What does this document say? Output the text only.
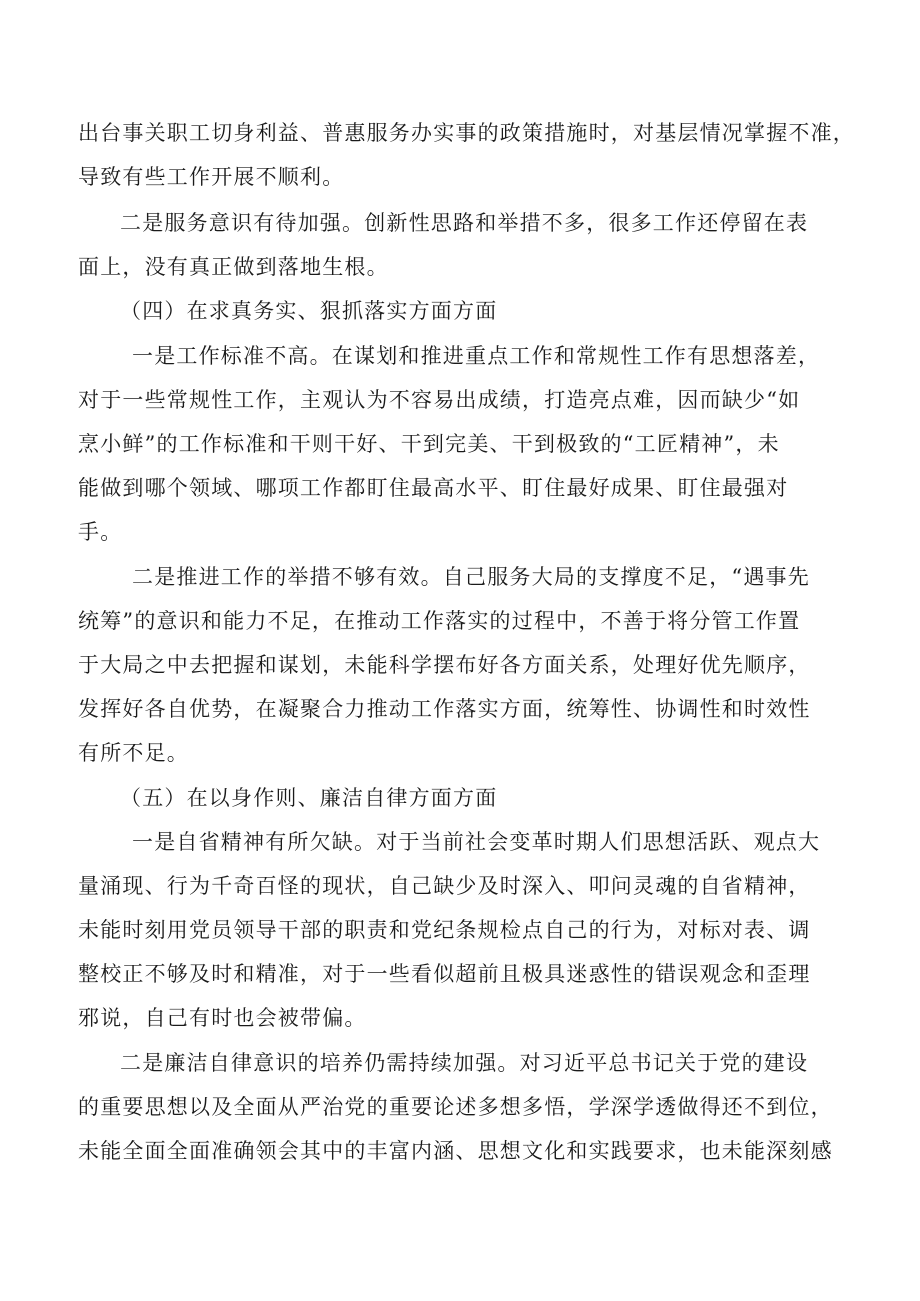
出台事关职工切身利益、普惠服务办实事的政策措施时，对基层情况掌握不准，
导致有些工作开展不顺利。
二是服务意识有待加强。创新性思路和举措不多，很多工作还停留在表
面上，没有真正做到落地生根。
（四）在求真务实、狠抓落实方面方面
一是工作标准不高。在谋划和推进重点工作和常规性工作有思想落差，
对于一些常规性工作，主观认为不容易出成绩，打造亮点难，因而缺少“如
烹小鲜”的工作标准和干则干好、干到完美、干到极致的“工匠精神”，未
能做到哪个领域、哪项工作都盯住最高水平、盯住最好成果、盯住最强对
手。
二是推进工作的举措不够有效。自己服务大局的支撑度不足，“遇事先
统筹”的意识和能力不足，在推动工作落实的过程中，不善于将分管工作置
于大局之中去把握和谋划，未能科学摆布好各方面关系，处理好优先顺序，
发挥好各自优势，在凝聚合力推动工作落实方面，统筹性、协调性和时效性
有所不足。
（五）在以身作则、廉洁自律方面方面
一是自省精神有所欠缺。对于当前社会变革时期人们思想活跃、观点大
量涌现、行为千奇百怪的现状，自己缺少及时深入、叩问灵魂的自省精神，
未能时刻用党员领导干部的职责和党纪条规检点自己的行为，对标对表、调
整校正不够及时和精准，对于一些看似超前且极具迷惑性的错误观念和歪理
邪说，自己有时也会被带偏。
二是廉洁自律意识的培养仍需持续加强。对习近平总书记关于党的建设
的重要思想以及全面从严治党的重要论述多想多悟，学深学透做得还不到位，
未能全面全面准确领会其中的丰富内涵、思想文化和实践要求，也未能深刻感
